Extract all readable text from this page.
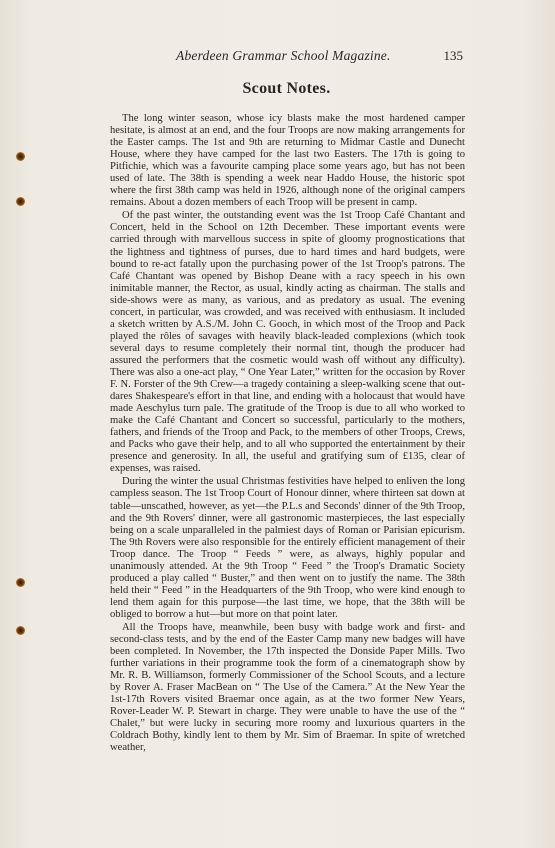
Aberdeen Grammar School Magazine.	135
Scout Notes.

The long winter season, whose icy blasts make the most hardened camper hesitate, is almost at an end, and the four Troops are now making arrangements for the Easter camps. The 1st and 9th are returning to Midmar Castle and Dunecht House, where they have camped for the last two Easters. The 17th is going to Pitfichie, which was a favourite camping place some years ago, but has not been used of late. The 38th is spending a week near Haddo House, the historic spot where the first 38th camp was held in 1926, although none of the original campers remains. About a dozen members of each Troop will be present in camp.

Of the past winter, the outstanding event was the 1st Troop Café Chantant and Concert, held in the School on 12th December. These important events were carried through with marvellous success in spite of gloomy prognostications that the lightness and tightness of purses, due to hard times and hard budgets, were bound to re-act fatally upon the purchasing power of the 1st Troop's patrons. The Café Chantant was opened by Bishop Deane with a racy speech in his own inimitable manner, the Rector, as usual, kindly acting as chairman. The stalls and side-shows were as many, as various, and as predatory as usual. The evening concert, in particular, was crowded, and was received with enthusiasm. It included a sketch written by A.S./M. John C. Gooch, in which most of the Troop and Pack played the rôles of savages with heavily black-leaded complexions (which took several days to resume completely their normal tint, though the producer had assured the performers that the cosmetic would wash off without any difficulty). There was also a one-act play, “ One Year Later,” written for the occasion by Rover F. N. Forster of the 9th Crew—a tragedy containing a sleep-walking scene that out-dares Shakespeare's effort in that line, and ending with a holocaust that would have made Aeschylus turn pale. The gratitude of the Troop is due to all who worked to make the Café Chantant and Concert so successful, particularly to the mothers, fathers, and friends of the Troop and Pack, to the members of other Troops, Crews, and Packs who gave their help, and to all who supported the entertainment by their presence and generosity. In all, the useful and gratifying sum of £135, clear of expenses, was raised.

During the winter the usual Christmas festivities have helped to enliven the long campless season. The 1st Troop Court of Honour dinner, where thirteen sat down at table—unscathed, however, as yet—the P.L.s and Seconds' dinner of the 9th Troop, and the 9th Rovers' dinner, were all gastronomic masterpieces, the last especially being on a scale unparalleled in the palmiest days of Roman or Parisian epicurism. The 9th Rovers were also responsible for the entirely efficient management of their Troop dance. The Troop “ Feeds ” were, as always, highly popular and unanimously attended. At the 9th Troop “ Feed ” the Troop's Dramatic Society produced a play called “ Buster,” and then went on to justify the name. The 38th held their “ Feed ” in the Headquarters of the 9th Troop, who were kind enough to lend them again for this purpose—the last time, we hope, that the 38th will be obliged to borrow a hut—but more on that point later.

All the Troops have, meanwhile, been busy with badge work and first- and second-class tests, and by the end of the Easter Camp many new badges will have been completed. In November, the 17th inspected the Donside Paper Mills. Two further variations in their programme took the form of a cinematograph show by Mr. R. B. Williamson, formerly Commissioner of the School Scouts, and a lecture by Rover A. Fraser MacBean on “ The Use of the Camera.” At the New Year the 1st-17th Rovers visited Braemar once again, as at the two former New Years, Rover-Leader W. P. Stewart in charge. They were unable to have the use of the “ Chalet,” but were lucky in securing more roomy and luxurious quarters in the Coldrach Bothy, kindly lent to them by Mr. Sim of Braemar. In spite of wretched weather,
